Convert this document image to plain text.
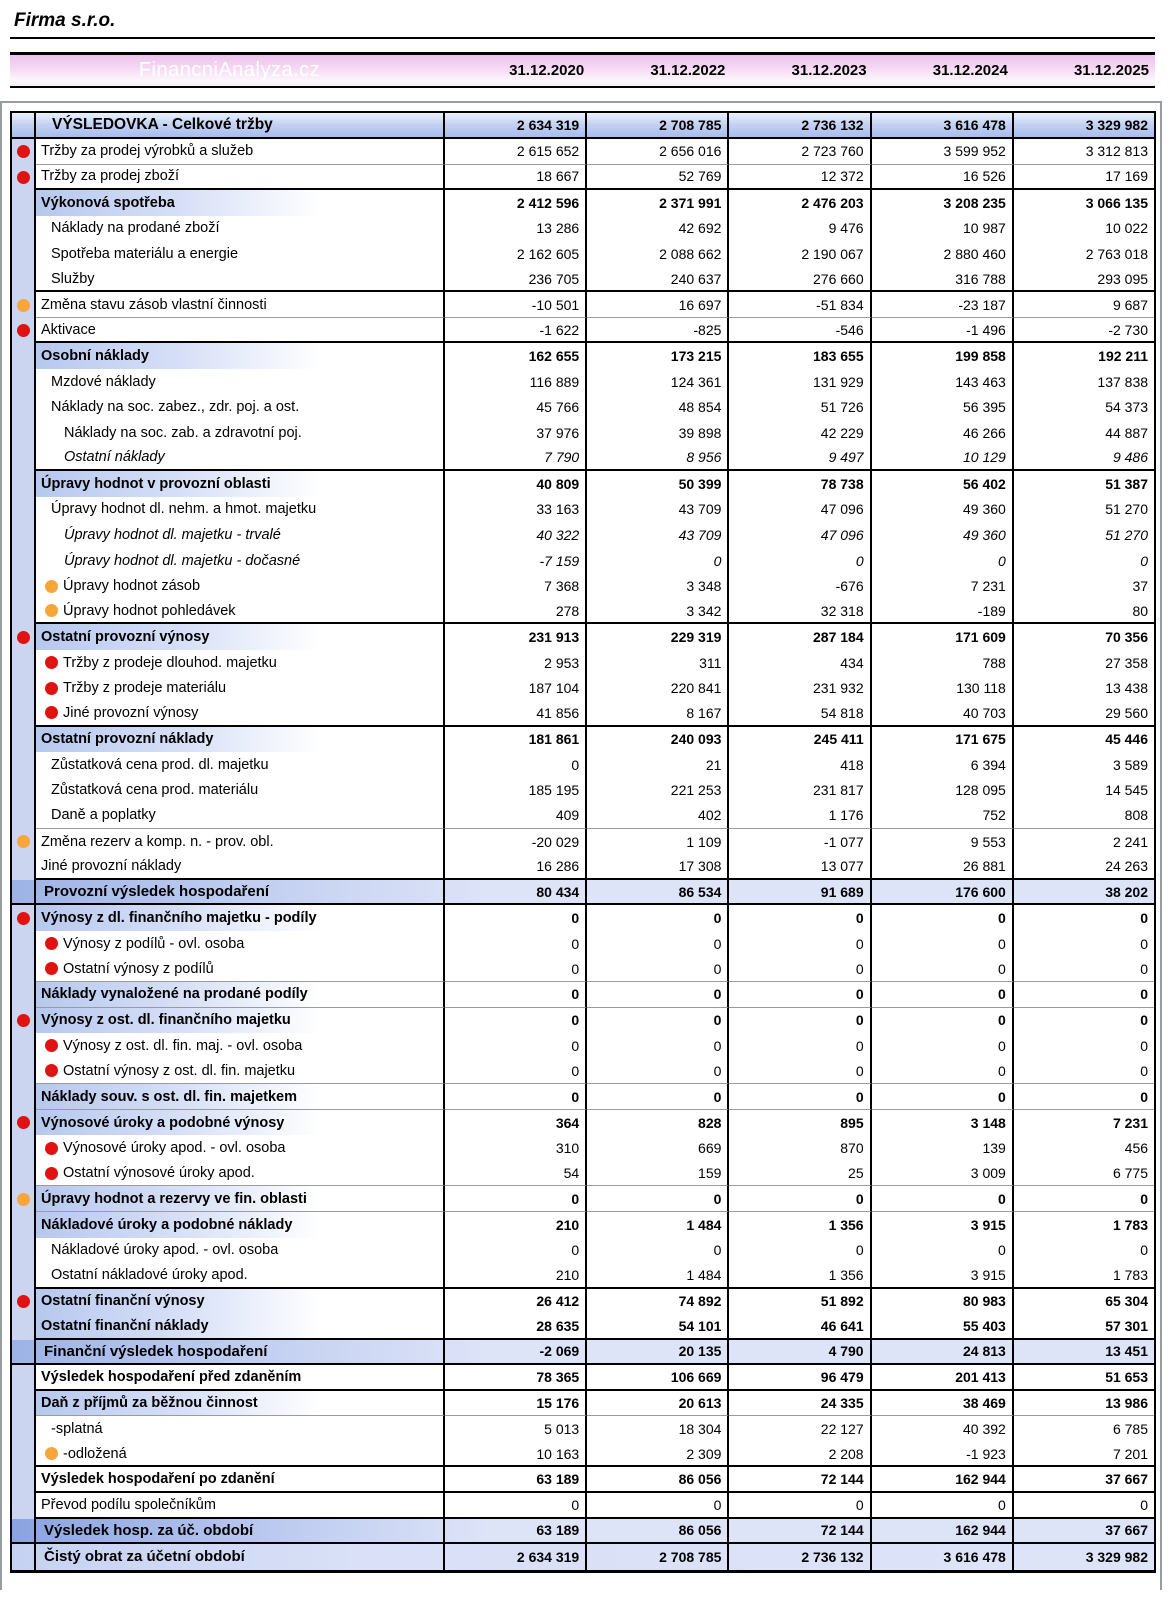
Firma s.r.o.
FinancniAnalyza.cz	31.12.2020	31.12.2022	31.12.2023	31.12.2024	31.12.2025
VÝSLEDOVKA - Celkové tržby	2 634 319	2 708 785	2 736 132	3 616 478	3 329 982
Tržby za prodej výrobků a služeb	2 615 652	2 656 016	2 723 760	3 599 952	3 312 813
Tržby za prodej zboží	18 667	52 769	12 372	16 526	17 169
Výkonová spotřeba	2 412 596	2 371 991	2 476 203	3 208 235	3 066 135
Náklady na prodané zboží	13 286	42 692	9 476	10 987	10 022
Spotřeba materiálu a energie	2 162 605	2 088 662	2 190 067	2 880 460	2 763 018
Služby	236 705	240 637	276 660	316 788	293 095
Změna stavu zásob vlastní činnosti	-10 501	16 697	-51 834	-23 187	9 687
Aktivace	-1 622	-825	-546	-1 496	-2 730
Osobní náklady	162 655	173 215	183 655	199 858	192 211
Mzdové náklady	116 889	124 361	131 929	143 463	137 838
Náklady na soc. zabez., zdr. poj. a ost.	45 766	48 854	51 726	56 395	54 373
Náklady na soc. zab. a zdravotní poj.	37 976	39 898	42 229	46 266	44 887
Ostatní náklady	7 790	8 956	9 497	10 129	9 486
Úpravy hodnot v provozní oblasti	40 809	50 399	78 738	56 402	51 387
Úpravy hodnot dl. nehm. a hmot. majetku	33 163	43 709	47 096	49 360	51 270
Úpravy hodnot dl. majetku - trvalé	40 322	43 709	47 096	49 360	51 270
Úpravy hodnot dl. majetku - dočasné	-7 159	0	0	0	0
Úpravy hodnot zásob	7 368	3 348	-676	7 231	37
Úpravy hodnot pohledávek	278	3 342	32 318	-189	80
Ostatní provozní výnosy	231 913	229 319	287 184	171 609	70 356
Tržby z prodeje dlouhod. majetku	2 953	311	434	788	27 358
Tržby z prodeje materiálu	187 104	220 841	231 932	130 118	13 438
Jiné provozní výnosy	41 856	8 167	54 818	40 703	29 560
Ostatní provozní náklady	181 861	240 093	245 411	171 675	45 446
Zůstatková cena prod. dl. majetku	0	21	418	6 394	3 589
Zůstatková cena prod. materiálu	185 195	221 253	231 817	128 095	14 545
Daně a poplatky	409	402	1 176	752	808
Změna rezerv a komp. n. - prov. obl.	-20 029	1 109	-1 077	9 553	2 241
Jiné provozní náklady	16 286	17 308	13 077	26 881	24 263
Provozní výsledek hospodaření	80 434	86 534	91 689	176 600	38 202
Výnosy z dl. finančního majetku - podíly	0	0	0	0	0
Výnosy z podílů - ovl. osoba	0	0	0	0	0
Ostatní výnosy z podílů	0	0	0	0	0
Náklady vynaložené na prodané podíly	0	0	0	0	0
Výnosy z ost. dl. finančního majetku	0	0	0	0	0
Výnosy z ost. dl. fin. maj. - ovl. osoba	0	0	0	0	0
Ostatní výnosy z ost. dl. fin. majetku	0	0	0	0	0
Náklady souv. s ost. dl. fin. majetkem	0	0	0	0	0
Výnosové úroky a podobné výnosy	364	828	895	3 148	7 231
Výnosové úroky apod. - ovl. osoba	310	669	870	139	456
Ostatní výnosové úroky apod.	54	159	25	3 009	6 775
Úpravy hodnot a rezervy ve fin. oblasti	0	0	0	0	0
Nákladové úroky a podobné náklady	210	1 484	1 356	3 915	1 783
Nákladové úroky apod. - ovl. osoba	0	0	0	0	0
Ostatní nákladové úroky apod.	210	1 484	1 356	3 915	1 783
Ostatní finanční výnosy	26 412	74 892	51 892	80 983	65 304
Ostatní finanční náklady	28 635	54 101	46 641	55 403	57 301
Finanční výsledek hospodaření	-2 069	20 135	4 790	24 813	13 451
Výsledek hospodaření před zdaněním	78 365	106 669	96 479	201 413	51 653
Daň z příjmů za běžnou činnost	15 176	20 613	24 335	38 469	13 986
-splatná	5 013	18 304	22 127	40 392	6 785
-odložená	10 163	2 309	2 208	-1 923	7 201
Výsledek hospodaření po zdanění	63 189	86 056	72 144	162 944	37 667
Převod podílu společníkům	0	0	0	0	0
Výsledek hosp. za úč. období	63 189	86 056	72 144	162 944	37 667
Čistý obrat za účetní období	2 634 319	2 708 785	2 736 132	3 616 478	3 329 982
